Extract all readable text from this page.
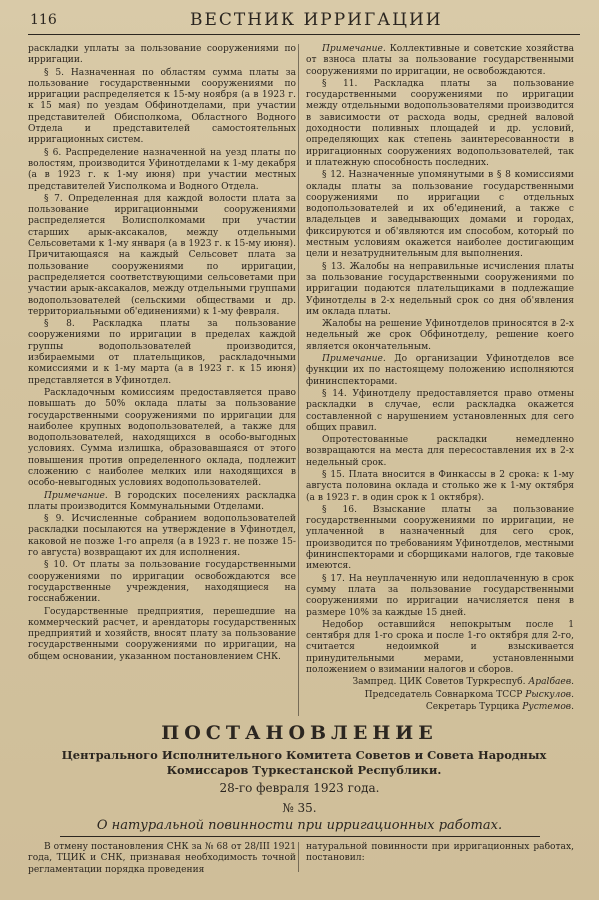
116	ВЕСТНИК ИРРИГАЦИИ

раскладки уплаты за пользование сооружениями по ирригации.

§ 5. Назначенная по областям сумма платы за пользование государственными сооружениями по ирригации распределяется к 15-му ноября (а в 1923 г. к 15 мая) по уездам Обфинотделами, при участии представителей Обисполкома, Областного Водного Отдела и представителей самостоятельных ирригационных систем.

§ 6. Распределение назначенной на уезд платы по волостям, производится Уфинотделами к 1-му декабря (а в 1923 г. к 1-му июня) при участии местных представителей Уисполкома и Водного Отдела.

§ 7. Определенная для каждой волости плата за пользование ирригационными сооружениями распределяется Волисполкомами при участии старших арык-аксакалов, между отдельными Сельсоветами к 1-му января (а в 1923 г. к 15-му июня). Причитающаяся на каждый Сельсовет плата за пользование сооружениями по ирригации, распределяется соответствующими сельсоветами при участии арык-аксакалов, между отдельными группами водопользователей (сельскими обществами и др. территориальными об'единениями) к 1-му февраля.

§ 8. Раскладка платы за пользование сооружениями по ирригации в пределах каждой группы водопользователей производится, избираемыми от плательщиков, раскладочными комиссиями и к 1-му марта (а в 1923 г. к 15 июня) представляется в Уфинотдел.

Раскладочным комиссиям предоставляется право повышать до 50% оклада платы за пользование государственными сооружениями по ирригации для наиболее крупных водопользователей, а также для водопользователей, находящихся в особо-выгодных условиях. Сумма излишка, образовавшаяся от этого повышения против определенного оклада, подлежит сложению с наиболее мелких или находящихся в особо-невыгодных условиях водопользователей.

Примечание. В городских поселениях раскладка платы производится Коммунальными Отделами.

§ 9. Исчисленные собранием водопользователей раскладки посылаются на утверждение в Уфинотдел, каковой не позже 1-го апреля (а в 1923 г. не позже 15-го августа) возвращают их для исполнения.

§ 10. От платы за пользование государственными сооружениями по ирригации освобождаются все государственные учреждения, находящиеся на госснабжении.

Государственные предприятия, перешедшие на коммерческий расчет, и арендаторы государственных предприятий и хозяйств, вносят плату за пользование государственными сооружениями по ирригации, на общем основании, указанном постановлением СНК.

Примечание. Коллективные и советские хозяйства от взноса платы за пользование государственными сооружениями по ирригации, не освобождаются.

§ 11. Раскладка платы за пользование государственными сооружениями по ирригации между отдельными водопользователями производится в зависимости от расхода воды, средней валовой доходности поливных площадей и др. условий, определяющих как степень заинтересованности в ирригационных сооружениях водопользователей, так и платежную способность последних.

§ 12. Назначенные упомянутыми в § 8 комиссиями оклады платы за пользование государственными сооружениями по ирригации с отдельных водопользователей и их об'единений, а также с владельцев и заведывающих домами и городах, фиксируются и об'являются им способом, который по местным условиям окажется наиболее достигающим цели и незатруднительным для выполнения.

§ 13. Жалобы на неправильные исчисления платы за пользование государственными сооружениями по ирригации подаются плательщиками в подлежащие Уфинотделы в 2-х недельный срок со дня об'явления им оклада платы.

Жалобы на решение Уфинотделов приносятся в 2-х недельный же срок Обфинотделу, решение коего является окончательным.

Примечание. До организации Уфинотделов все функции их по настоящему положению исполняются фининспекторами.

§ 14. Уфинотделу предоставляется право отмены раскладки в случае, если раскладка окажется составленной с нарушением установленных для сего общих правил.

Опротестованные раскладки немедленно возвращаются на места для пересоставления их в 2-х недельный срок.

§ 15. Плата вносится в Финкассы в 2 срока: к 1-му августа половина оклада и столько же к 1-му октября (а в 1923 г. в один срок к 1 октября).

§ 16. Взыскание платы за пользование государственными сооружениями по ирригации, не уплаченной в назначенный для сего срок, производится по требованиям Уфинотделов, местными фининспекторами и сборщиками налогов, где таковые имеются.

§ 17. На неуплаченную или недоплаченную в срок сумму плата за пользование государственными сооружениями по ирригации начисляется пеня в размере 10% за каждые 15 дней.

Недобор оставшийся непокрытым после 1 сентября для 1-го срока и после 1-го октября для 2-го, считается недоимкой и взыскивается принудительными мерами, установленными положением о взимании налогов и сборов.

Зампред. ЦИК Советов Туркреспуб. Арalбаев.

Председатель Совнаркома ТССР Рыскулов.

Секретарь Турцика Рустемов.

ПОСТАНОВЛЕНИЕ
Центрального Исполнительного Комитета Советов и Совета Народных Комиссаров Туркестанской Республики.
28-го февраля 1923 года.
№ 35.
О натуральной повинности при ирригационных работах.

В отмену постановления СНК за № 68 от 28/III 1921 года, ТЦИК и СНК, признавая необходимость точной регламентации порядка проведения

натуральной повинности при ирригационных работах, постановил:
